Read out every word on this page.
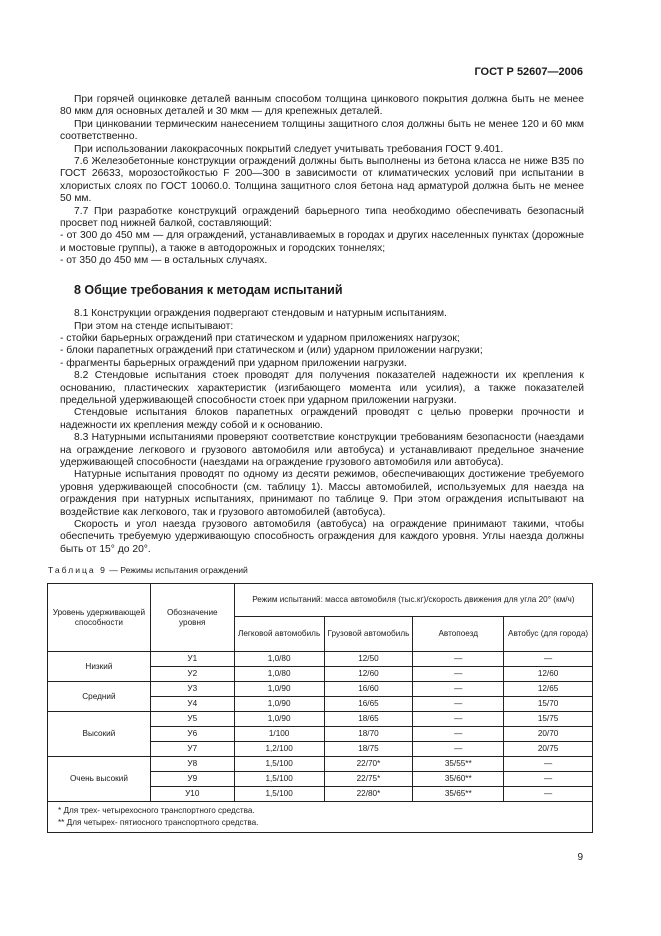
ГОСТ Р 52607—2006

При горячей оцинковке деталей ванным способом толщина цинкового покрытия должна быть не менее 80 мкм для основных деталей и 30 мкм — для крепежных деталей.

При цинковании термическим нанесением толщины защитного слоя должны быть не менее 120 и 60 мкм соответственно.

При использовании лакокрасочных покрытий следует учитывать требования ГОСТ 9.401.

7.6 Железобетонные конструкции ограждений должны быть выполнены из бетона класса не ниже В35 по ГОСТ 26633, морозостойкостью F 200—300 в зависимости от климатических условий при испытании в хлористых слоях по ГОСТ 10060.0. Толщина защитного слоя бетона над арматурой должна быть не менее 50 мм.

7.7 При разработке конструкций ограждений барьерного типа необходимо обеспечивать безопасный просвет под нижней балкой, составляющий:

- от 300 до 450 мм — для ограждений, устанавливаемых в городах и других населенных пунктах (дорожные и мостовые группы), а также в автодорожных и городских тоннелях;

- от 350 до 450 мм — в остальных случаях.

8 Общие требования к методам испытаний

8.1 Конструкции ограждения подвергают стендовым и натурным испытаниям.

При этом на стенде испытывают:

- стойки барьерных ограждений при статическом и ударном приложениях нагрузок;

- блоки парапетных ограждений при статическом и (или) ударном приложении нагрузки;

- фрагменты барьерных ограждений при ударном приложении нагрузки.

8.2 Стендовые испытания стоек проводят для получения показателей надежности их крепления к основанию, пластических характеристик (изгибающего момента или усилия), а также показателей предельной удерживающей способности стоек при ударном приложении нагрузки.

Стендовые испытания блоков парапетных ограждений проводят с целью проверки прочности и надежности их крепления между собой и к основанию.

8.3 Натурными испытаниями проверяют соответствие конструкции требованиям безопасности (наездами на ограждение легкового и грузового автомобиля или автобуса) и устанавливают предельное значение удерживающей способности (наездами на ограждение грузового автомобиля или автобуса).

Натурные испытания проводят по одному из десяти режимов, обеспечивающих достижение требуемого уровня удерживающей способности (см. таблицу 1). Массы автомобилей, используемых для наезда на ограждения при натурных испытаниях, принимают по таблице 9. При этом ограждения испытывают на воздействие как легкового, так и грузового автомобилей (автобуса).

Скорость и угол наезда грузового автомобиля (автобуса) на ограждение принимают такими, чтобы обеспечить требуемую удерживающую способность ограждения для каждого уровня. Углы наезда должны быть от 15° до 20°.

Таблица 9 — Режимы испытания ограждений
Уровень удерживающей способности	Обозначение уровня	Режим испытаний: масса автомобиля (тыс.кг)/скорость движения для угла 20° (км/ч)			
		Легковой автомобиль	Грузовой автомобиль	Автопоезд	Автобус (для города)
Низкий	У1	1,0/80	12/50	—	—
	У2	1,0/80	12/60	—	12/60
Средний	У3	1,0/90	16/60	—	12/65
	У4	1,0/90	16/65	—	15/70
Высокий	У5	1,0/90	18/65	—	15/75
	У6	1/100	18/70	—	20/70
	У7	1,2/100	18/75	—	20/75
Очень высокий	У8	1,5/100	22/70*	35/55**	—
	У9	1,5/100	22/75*	35/60**	—
	У10	1,5/100	22/80*	35/65**	—

* Для трех- четырехосного транспортного средства.
** Для четырех- пятиосного транспортного средства.					
9
